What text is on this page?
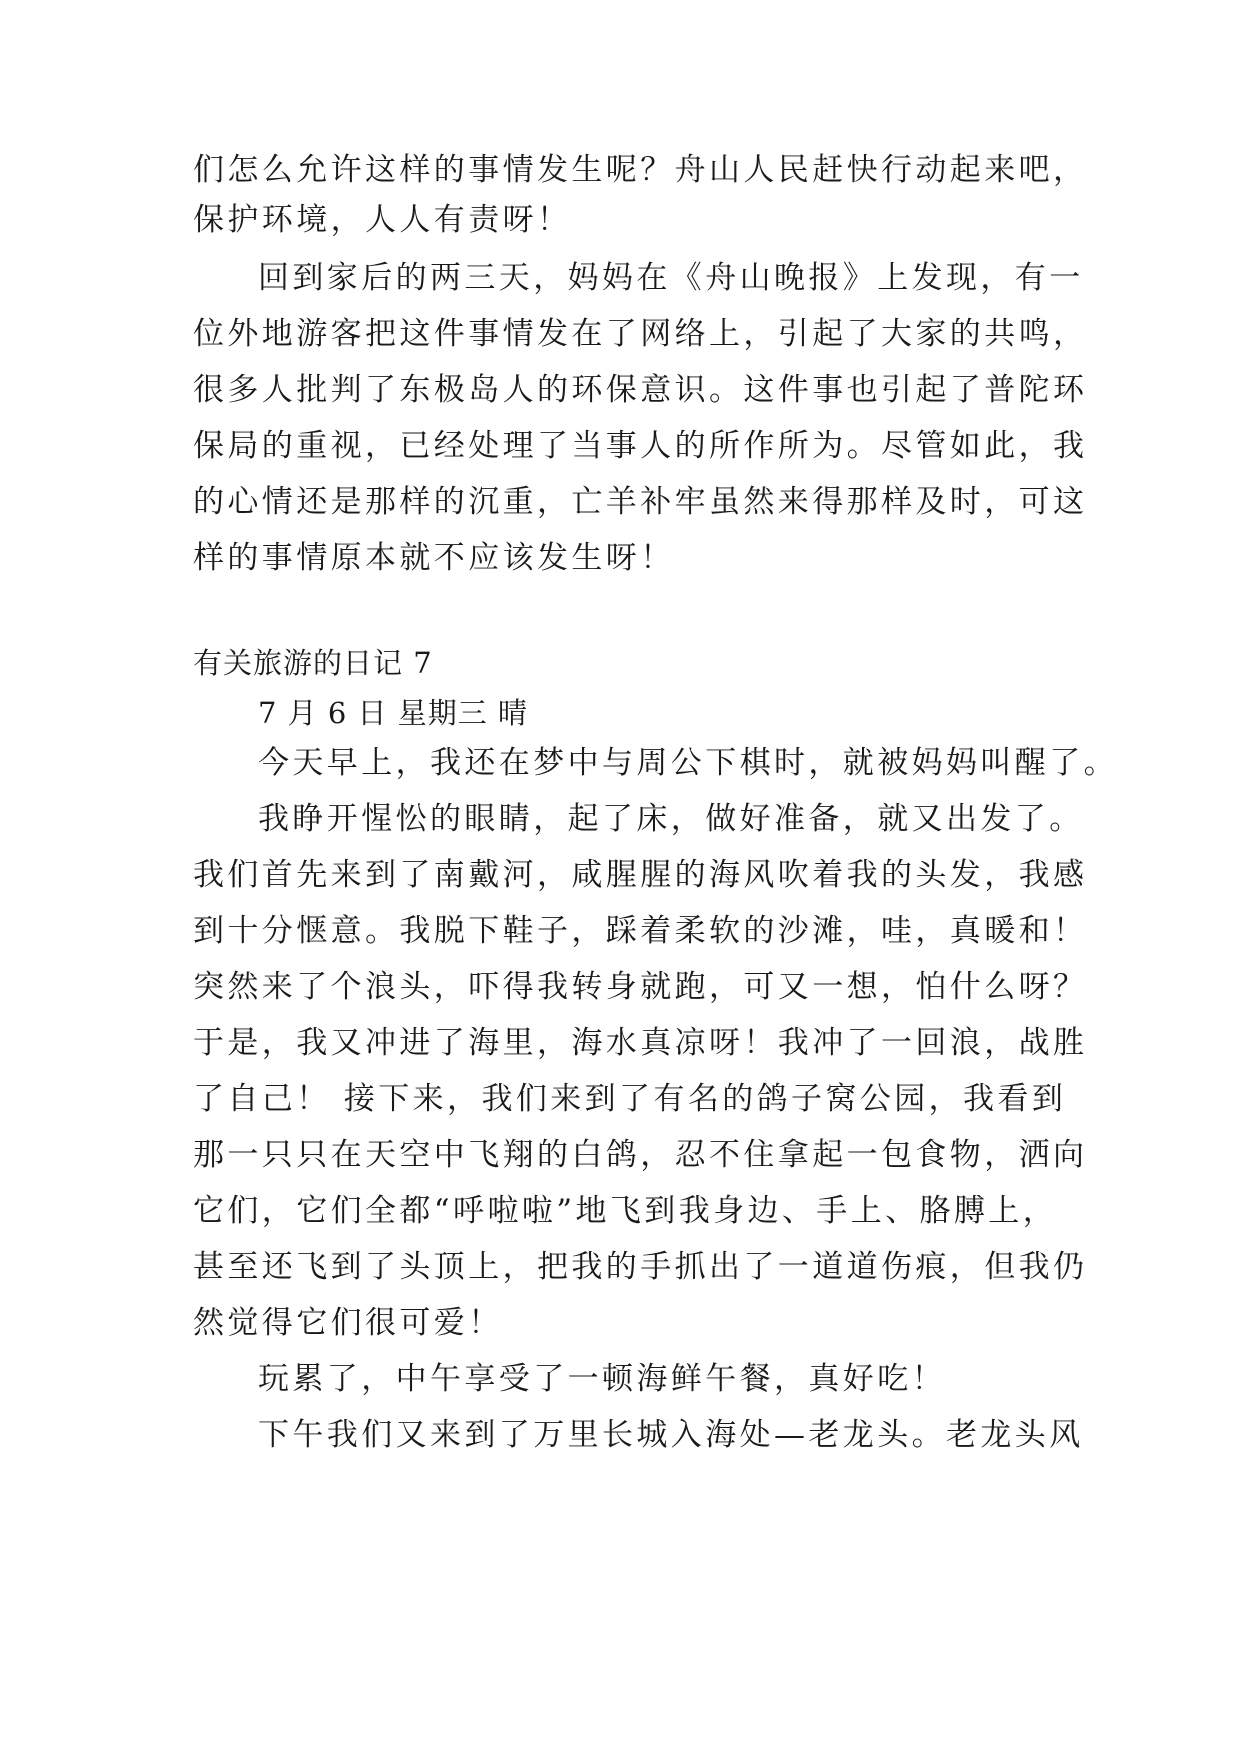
们怎么允许这样的事情发生呢？舟山人民赶快行动起来吧，
保护环境，人人有责呀！
回到家后的两三天，妈妈在《舟山晚报》上发现，有一
位外地游客把这件事情发在了网络上，引起了大家的共鸣，
很多人批判了东极岛人的环保意识。这件事也引起了普陀环
保局的重视，已经处理了当事人的所作所为。尽管如此，我
的心情还是那样的沉重，亡羊补牢虽然来得那样及时，可这
样的事情原本就不应该发生呀！
有关旅游的日记 7
7 月 6 日 星期三 晴
今天早上，我还在梦中与周公下棋时，就被妈妈叫醒了。
我睁开惺忪的眼睛，起了床，做好准备，就又出发了。
我们首先来到了南戴河，咸腥腥的海风吹着我的头发，我感
到十分惬意。我脱下鞋子，踩着柔软的沙滩，哇，真暖和！
突然来了个浪头，吓得我转身就跑，可又一想，怕什么呀？
于是，我又冲进了海里，海水真凉呀！我冲了一回浪，战胜
了自己！ 接下来，我们来到了有名的鸽子窝公园，我看到
那一只只在天空中飞翔的白鸽，忍不住拿起一包食物，洒向
它们，它们全都“呼啦啦”地飞到我身边、手上、胳膊上，
甚至还飞到了头顶上，把我的手抓出了一道道伤痕，但我仍
然觉得它们很可爱！
玩累了，中午享受了一顿海鲜午餐，真好吃！
下午我们又来到了万里长城入海处—老龙头。老龙头风
